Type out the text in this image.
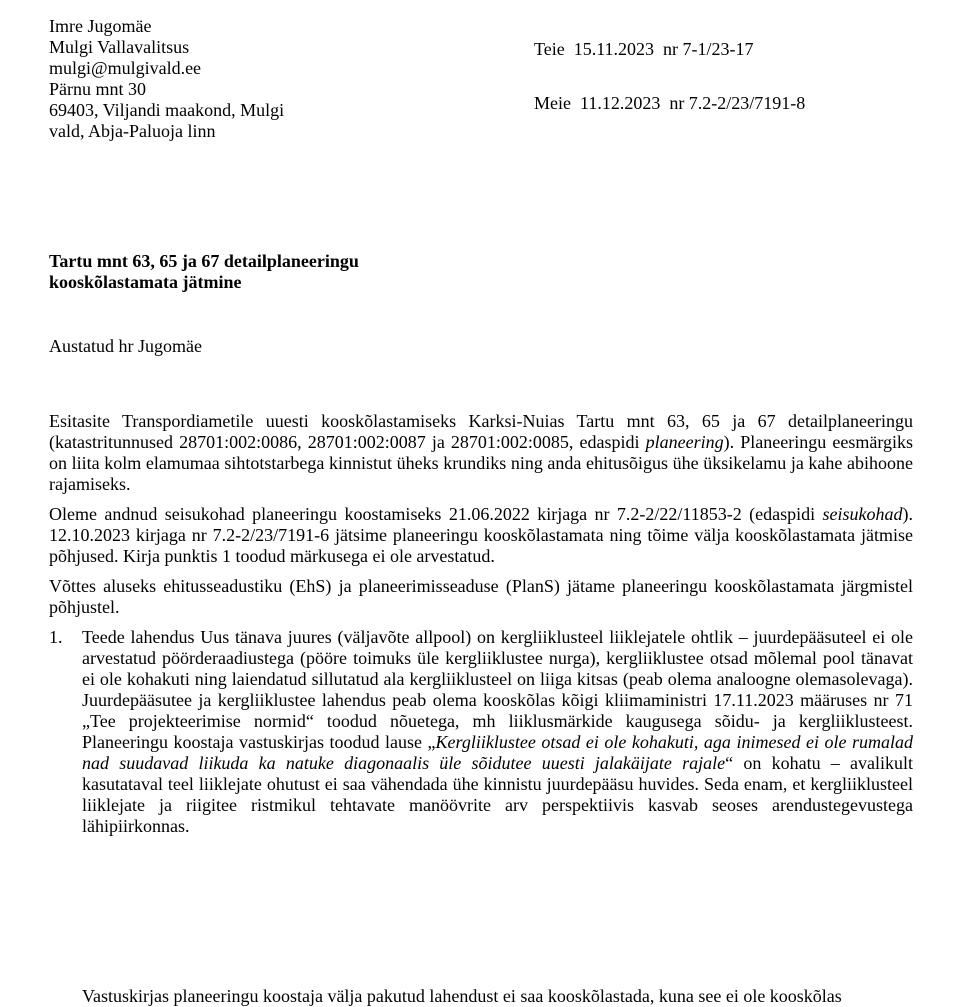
Imre Jugomäe
Mulgi Vallavalitsus
mulgi@mulgivald.ee
Pärnu mnt 30
69403, Viljandi maakond, Mulgi
vald, Abja-Paluoja linn
Teie  15.11.2023  nr 7-1/23-17
Meie  11.12.2023  nr 7.2-2/23/7191-8
Tartu mnt 63, 65 ja 67 detailplaneeringu
kooskõlastamata jätmine
Austatud hr Jugomäe

Esitasite Transpordiametile uuesti kooskõlastamiseks Karksi-Nuias Tartu mnt 63, 65 ja 67 detailplaneeringu (katastritunnused 28701:002:0086, 28701:002:0087 ja 28701:002:0085, edaspidi planeering). Planeeringu eesmärgiks on liita kolm elamumaa sihtotstarbega kinnistut üheks krundiks ning anda ehitusõigus ühe üksikelamu ja kahe abihoone rajamiseks.

Oleme andnud seisukohad planeeringu koostamiseks 21.06.2022 kirjaga nr 7.2-2/22/11853-2 (edaspidi seisukohad). 12.10.2023 kirjaga nr 7.2-2/23/7191-6 jätsime planeeringu kooskõlastamata ning tõime välja kooskõlastamata jätmise põhjused. Kirja punktis 1 toodud märkusega ei ole arvestatud.

Võttes aluseks ehitusseadustiku (EhS) ja planeerimisseaduse (PlanS) jätame planeeringu kooskõlastamata järgmistel põhjustel.

1. Teede lahendus Uus tänava juures (väljavõte allpool) on kergliiklusteel liiklejatele ohtlik – juurdepääsuteel ei ole arvestatud pöörderaadiustega (pööre toimuks üle kergliiklustee nurga), kergliiklustee otsad mõlemal pool tänavat ei ole kohakuti ning laiendatud sillutatud ala kergliiklusteel on liiga kitsas (peab olema analoogne olemasolevaga). Juurdepääsutee ja kergliiklustee lahendus peab olema kooskõlas kõigi kliimaministri 17.11.2023 määruses nr 71 „Tee projekteerimise normid“ toodud nõuetega, mh liiklusmärkide kaugusega sõidu- ja kergliiklusteest. Planeeringu koostaja vastuskirjas toodud lause „Kergliiklustee otsad ei ole kohakuti, aga inimesed ei ole rumalad nad suudavad liikuda ka natuke diagonaalis üle sõidutee uuesti jalakäijate rajale“ on kohatu – avalikult kasutataval teel liiklejate ohutust ei saa vähendada ühe kinnistu juurdepääsu huvides. Seda enam, et kergliiklusteel liiklejate ja riigitee ristmikul tehtavate manöövrite arv perspektiivis kasvab seoses arendustegevustega lähipiirkonnas.
Vastuskirjas planeeringu koostaja välja pakutud lahendust ei saa kooskõlastada, kuna see ei ole kooskõlas
